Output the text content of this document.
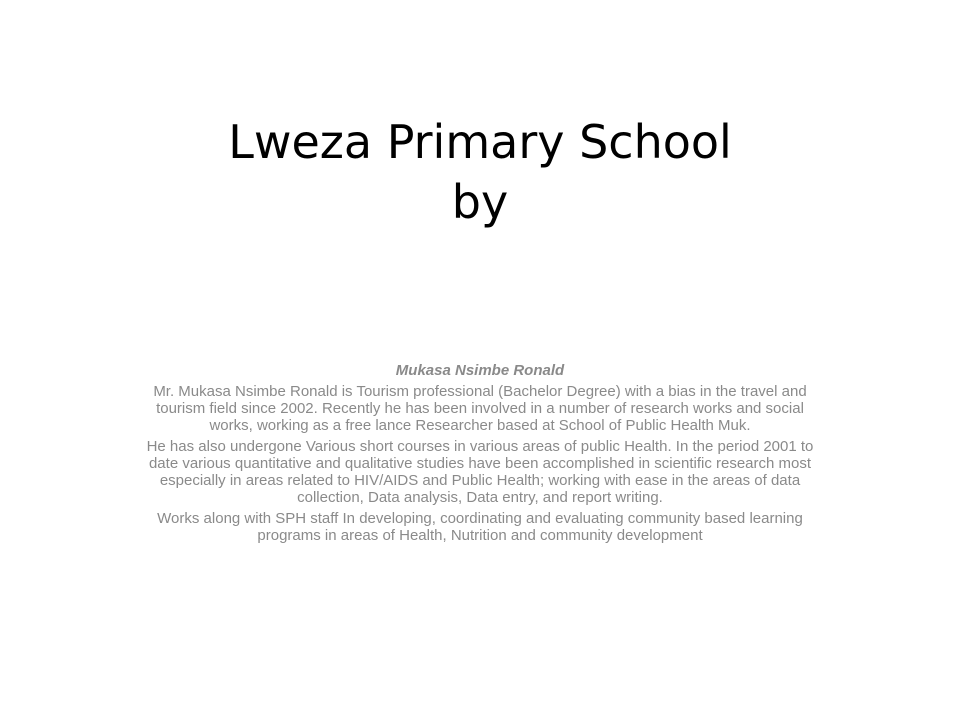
Lweza Primary School
by

Mukasa Nsimbe Ronald

Mr. Mukasa Nsimbe Ronald is Tourism professional (Bachelor Degree) with a bias in the travel and tourism field since 2002. Recently he has been involved in a number of research works and social works, working as a free lance Researcher based at School of Public Health Muk.

He has also undergone Various short courses in various areas of public Health. In the period 2001 to date various quantitative and qualitative studies have been accomplished in scientific research most especially in areas related to HIV/AIDS and Public Health; working with ease in the areas of data collection, Data analysis, Data entry, and report writing.

Works along with SPH staff In developing, coordinating and evaluating community based learning programs in areas of Health, Nutrition and community development
